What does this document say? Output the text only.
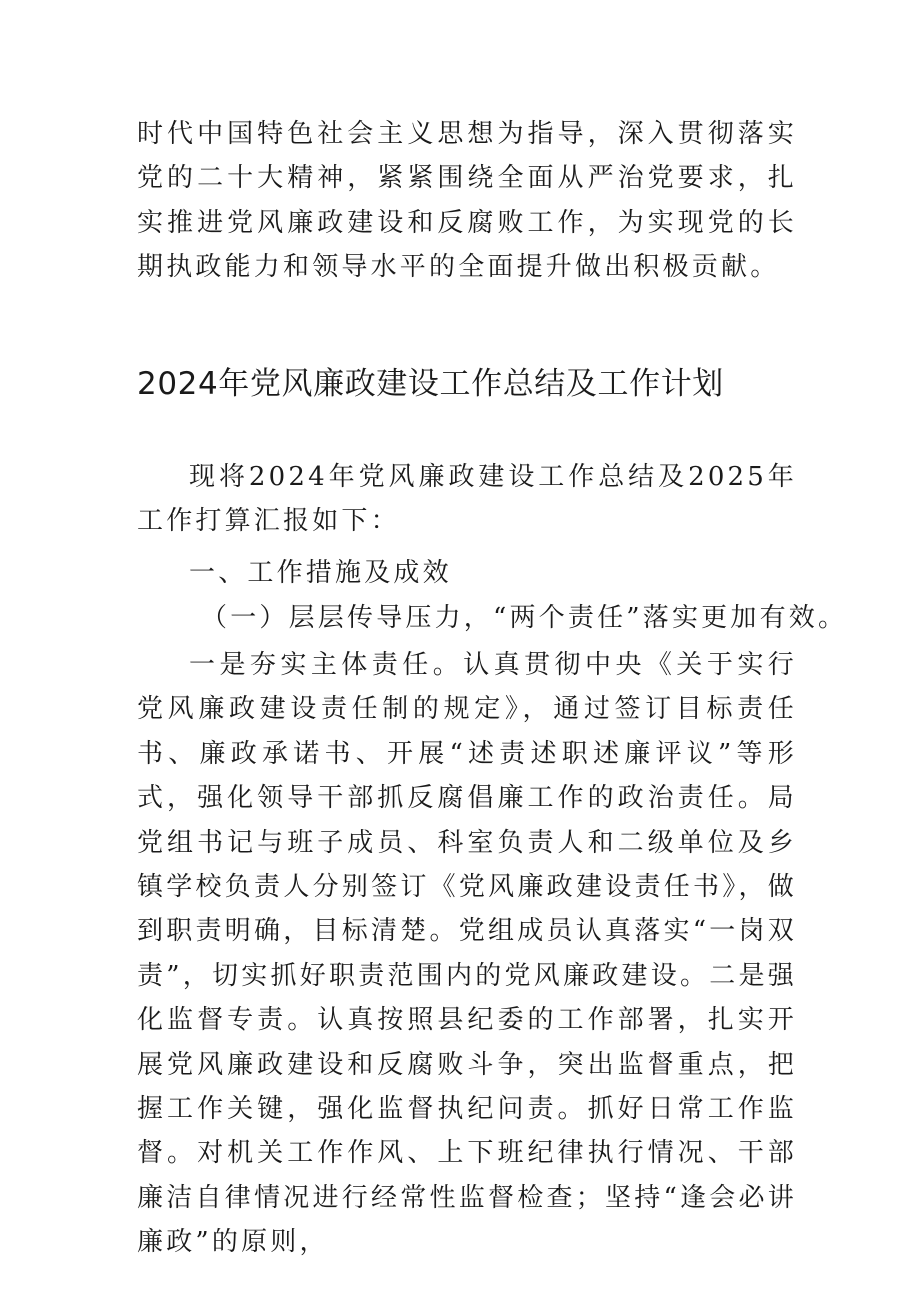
时代中国特色社会主义思想为指导，深入贯彻落实党的二十大精神，紧紧围绕全面从严治党要求，扎实推进党风廉政建设和反腐败工作，为实现党的长期执政能力和领导水平的全面提升做出积极贡献。

2024年党风廉政建设工作总结及工作计划

现将2024年党风廉政建设工作总结及2025年工作打算汇报如下：

一、工作措施及成效

（一）层层传导压力，“两个责任”落实更加有效。

一是夯实主体责任。认真贯彻中央《关于实行党风廉政建设责任制的规定》，通过签订目标责任书、廉政承诺书、开展“述责述职述廉评议”等形式，强化领导干部抓反腐倡廉工作的政治责任。局党组书记与班子成员、科室负责人和二级单位及乡镇学校负责人分别签订《党风廉政建设责任书》，做到职责明确，目标清楚。党组成员认真落实“一岗双责”，切实抓好职责范围内的党风廉政建设。二是强化监督专责。认真按照县纪委的工作部署，扎实开展党风廉政建设和反腐败斗争，突出监督重点，把握工作关键，强化监督执纪问责。抓好日常工作监督。对机关工作作风、上下班纪律执行情况、干部廉洁自律情况进行经常性监督检查；坚持“逢会必讲廉政”的原则，
